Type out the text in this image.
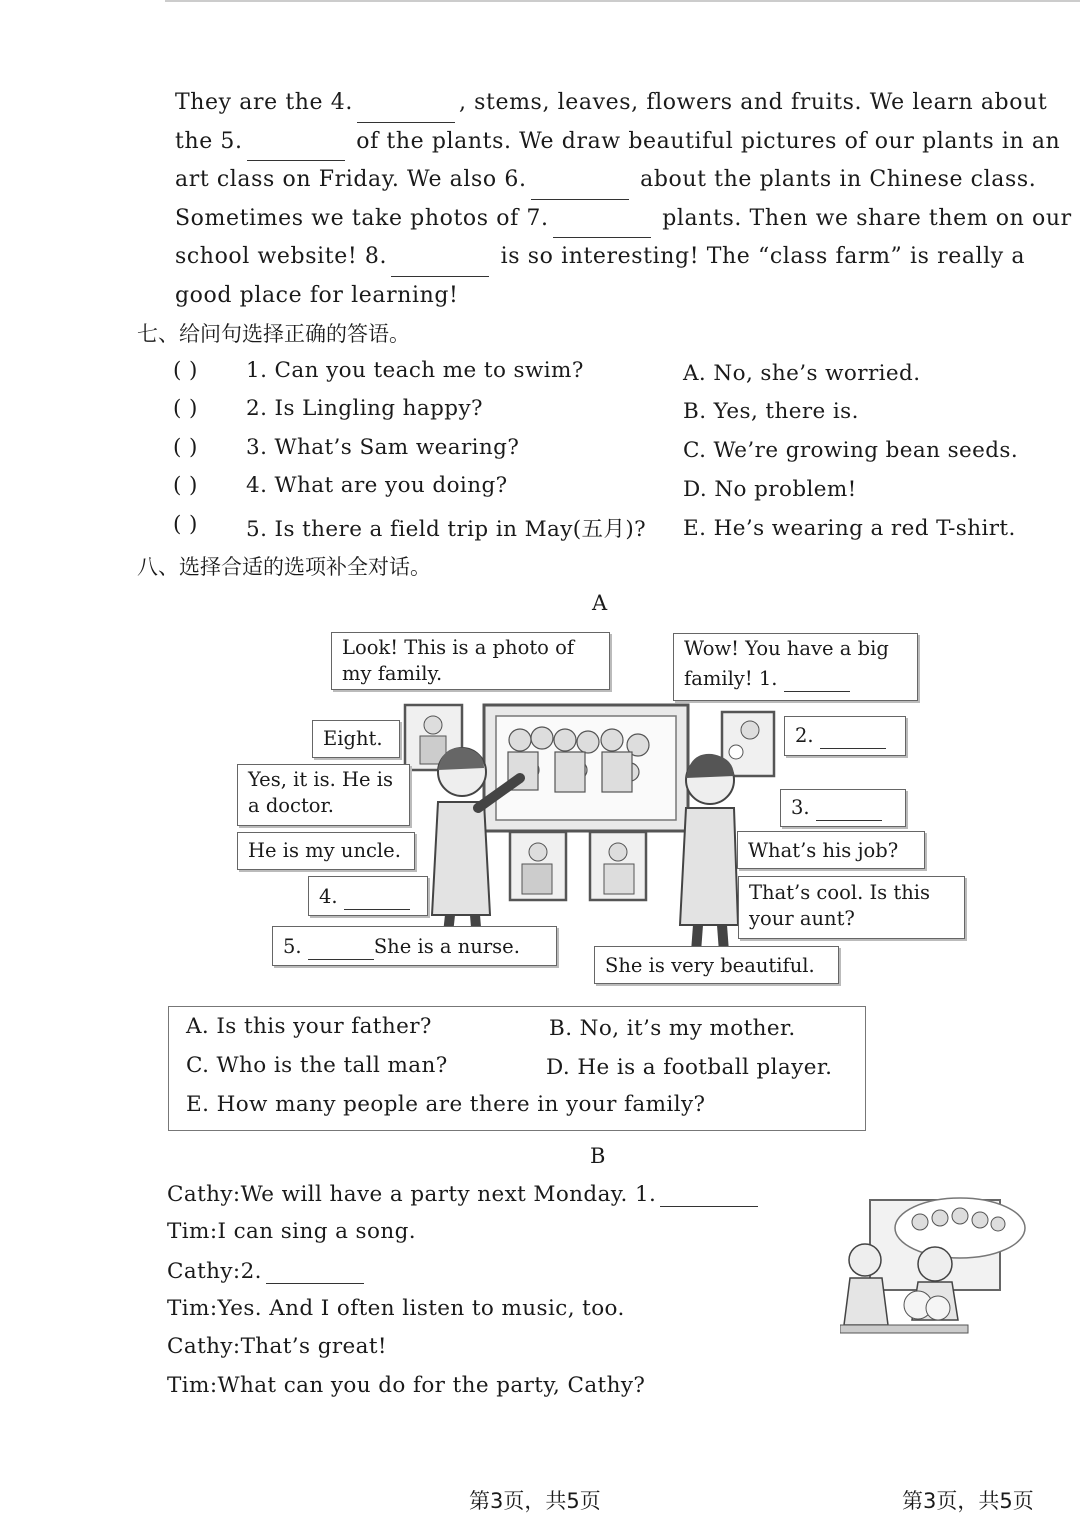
They are the 4.	, stems, leaves, flowers and fruits. We learn about
the 5.	of the plants. We draw beautiful pictures of our plants in an
art class on Friday. We also 6.	about the plants in Chinese class.
Sometimes we take photos of 7.	plants. Then we share them on our
school website! 8.	is so interesting! The “class farm” is really a
good place for learning!
七、给问句选择正确的答语。
( ) 1. Can you teach me to swim?
( ) 2. Is Lingling happy?
( ) 3. What’s Sam wearing?
( ) 4. What are you doing?
( ) 5. Is there a field trip in May(五月)?
A. No, she’s worried.
B. Yes, there is.
C. We’re growing bean seeds.
D. No problem!
E. He’s wearing a red T-shirt.
八、选择合适的选项补全对话。
A
Look! This is a photo of
my family.
Wow! You have a big
family! 1.
Eight.	2.
Yes, it is. He is
a doctor.	3.
He is my uncle.	What’s his job?
4.	That’s cool. Is this
your aunt?
5.	She is a nurse.
She is very beautiful.
A. Is this your father?	B. No, it’s my mother.
C. Who is the tall man?	D. He is a football player.
E. How many people are there in your family?
B
Cathy:We will have a party next Monday. 1.
Tim:I can sing a song.
Cathy:2.
Tim:Yes. And I often listen to music, too.
Cathy:That’s great!
Tim:What can you do for the party, Cathy?
第3页，共5页	第3页，共5页
